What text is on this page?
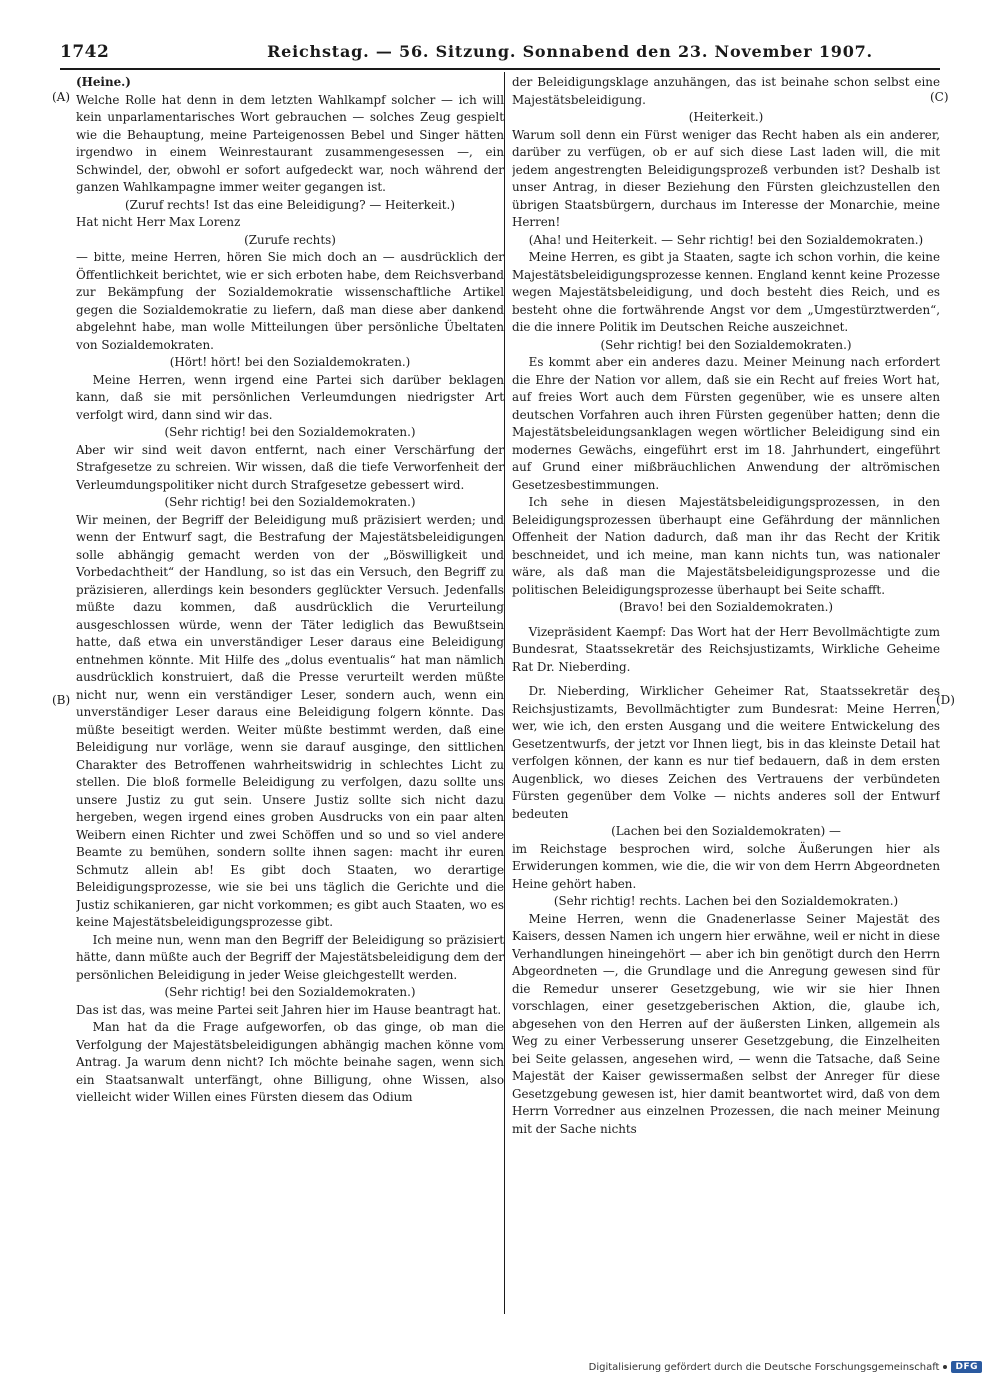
1742	Reichstag. — 56. Sitzung. Sonnabend den 23. November 1907.
(A)
(B)
(C)
(D)

(Heine.)

Welche Rolle hat denn in dem letzten Wahlkampf solcher — ich will kein unparlamentarisches Wort gebrauchen — solches Zeug gespielt wie die Behauptung, meine Parteigenossen Bebel und Singer hätten irgendwo in einem Weinrestaurant zusammengesessen —, ein Schwindel, der, obwohl er sofort aufgedeckt war, noch während der ganzen Wahlkampagne immer weiter gegangen ist.

(Zuruf rechts! Ist das eine Beleidigung? — Heiterkeit.)

Hat nicht Herr Max Lorenz

(Zurufe rechts)

— bitte, meine Herren, hören Sie mich doch an — ausdrücklich der Öffentlichkeit berichtet, wie er sich erboten habe, dem Reichsverband zur Bekämpfung der Sozialdemokratie wissenschaftliche Artikel gegen die Sozialdemokratie zu liefern, daß man diese aber dankend abgelehnt habe, man wolle Mitteilungen über persönliche Übeltaten von Sozialdemokraten.

(Hört! hört! bei den Sozialdemokraten.)

Meine Herren, wenn irgend eine Partei sich darüber beklagen kann, daß sie mit persönlichen Verleumdungen niedrigster Art verfolgt wird, dann sind wir das.

(Sehr richtig! bei den Sozialdemokraten.)

Aber wir sind weit davon entfernt, nach einer Verschärfung der Strafgesetze zu schreien. Wir wissen, daß die tiefe Verworfenheit der Verleumdungspolitiker nicht durch Strafgesetze gebessert wird.

(Sehr richtig! bei den Sozialdemokraten.)

Wir meinen, der Begriff der Beleidigung muß präzisiert werden; und wenn der Entwurf sagt, die Bestrafung der Majestätsbeleidigungen solle abhängig gemacht werden von der „Böswilligkeit und Vorbedachtheit“ der Handlung, so ist das ein Versuch, den Begriff zu präzisieren, allerdings kein besonders geglückter Versuch. Jedenfalls müßte dazu kommen, daß ausdrücklich die Verurteilung ausgeschlossen würde, wenn der Täter lediglich das Bewußtsein hatte, daß etwa ein unverständiger Leser daraus eine Beleidigung entnehmen könnte. Mit Hilfe des „dolus eventualis“ hat man nämlich ausdrücklich konstruiert, daß die Presse verurteilt werden müßte nicht nur, wenn ein verständiger Leser, sondern auch, wenn ein unverständiger Leser daraus eine Beleidigung folgern könnte. Das müßte beseitigt werden. Weiter müßte bestimmt werden, daß eine Beleidigung nur vorläge, wenn sie darauf ausginge, den sittlichen Charakter des Betroffenen wahrheitswidrig in schlechtes Licht zu stellen. Die bloß formelle Beleidigung zu verfolgen, dazu sollte uns unsere Justiz zu gut sein. Unsere Justiz sollte sich nicht dazu hergeben, wegen irgend eines groben Ausdrucks von ein paar alten Weibern einen Richter und zwei Schöffen und so und so viel andere Beamte zu bemühen, sondern sollte ihnen sagen: macht ihr euren Schmutz allein ab! Es gibt doch Staaten, wo derartige Beleidigungsprozesse, wie sie bei uns täglich die Gerichte und die Justiz schikanieren, gar nicht vorkommen; es gibt auch Staaten, wo es keine Majestätsbeleidigungsprozesse gibt.

Ich meine nun, wenn man den Begriff der Beleidigung so präzisiert hätte, dann müßte auch der Begriff der Majestätsbeleidigung dem der persönlichen Beleidigung in jeder Weise gleichgestellt werden.

(Sehr richtig! bei den Sozialdemokraten.)

Das ist das, was meine Partei seit Jahren hier im Hause beantragt hat.

Man hat da die Frage aufgeworfen, ob das ginge, ob man die Verfolgung der Majestätsbeleidigungen abhängig machen könne vom Antrag. Ja warum denn nicht? Ich möchte beinahe sagen, wenn sich ein Staatsanwalt unterfängt, ohne Billigung, ohne Wissen, also vielleicht wider Willen eines Fürsten diesem das Odium

der Beleidigungsklage anzuhängen, das ist beinahe schon selbst eine Majestätsbeleidigung.

(Heiterkeit.)

Warum soll denn ein Fürst weniger das Recht haben als ein anderer, darüber zu verfügen, ob er auf sich diese Last laden will, die mit jedem angestrengten Beleidigungsprozeß verbunden ist? Deshalb ist unser Antrag, in dieser Beziehung den Fürsten gleichzustellen den übrigen Staatsbürgern, durchaus im Interesse der Monarchie, meine Herren!

(Aha! und Heiterkeit. — Sehr richtig! bei den Sozialdemokraten.)

Meine Herren, es gibt ja Staaten, sagte ich schon vorhin, die keine Majestätsbeleidigungsprozesse kennen. England kennt keine Prozesse wegen Majestätsbeleidigung, und doch besteht dies Reich, und es besteht ohne die fortwährende Angst vor dem „Umgestürztwerden“, die die innere Politik im Deutschen Reiche auszeichnet.

(Sehr richtig! bei den Sozialdemokraten.)

Es kommt aber ein anderes dazu. Meiner Meinung nach erfordert die Ehre der Nation vor allem, daß sie ein Recht auf freies Wort hat, auf freies Wort auch dem Fürsten gegenüber, wie es unsere alten deutschen Vorfahren auch ihren Fürsten gegenüber hatten; denn die Majestätsbeleidungsanklagen wegen wörtlicher Beleidigung sind ein modernes Gewächs, eingeführt erst im 18. Jahrhundert, eingeführt auf Grund einer mißbräuchlichen Anwendung der altrömischen Gesetzesbestimmungen.

Ich sehe in diesen Majestätsbeleidigungsprozessen, in den Beleidigungsprozessen überhaupt eine Gefährdung der männlichen Offenheit der Nation dadurch, daß man ihr das Recht der Kritik beschneidet, und ich meine, man kann nichts tun, was nationaler wäre, als daß man die Majestätsbeleidigungsprozesse und die politischen Beleidigungsprozesse überhaupt bei Seite schafft.

(Bravo! bei den Sozialdemokraten.)

Vizepräsident Kaempf: Das Wort hat der Herr Bevollmächtigte zum Bundesrat, Staatssekretär des Reichsjustizamts, Wirkliche Geheime Rat Dr. Nieberding.

Dr. Nieberding, Wirklicher Geheimer Rat, Staatssekretär des Reichsjustizamts, Bevollmächtigter zum Bundesrat: Meine Herren, wer, wie ich, den ersten Ausgang und die weitere Entwickelung des Gesetzentwurfs, der jetzt vor Ihnen liegt, bis in das kleinste Detail hat verfolgen können, der kann es nur tief bedauern, daß in dem ersten Augenblick, wo dieses Zeichen des Vertrauens der verbündeten Fürsten gegenüber dem Volke — nichts anderes soll der Entwurf bedeuten

(Lachen bei den Sozialdemokraten) —

im Reichstage besprochen wird, solche Äußerungen hier als Erwiderungen kommen, wie die, die wir von dem Herrn Abgeordneten Heine gehört haben.

(Sehr richtig! rechts. Lachen bei den Sozialdemokraten.)

Meine Herren, wenn die Gnadenerlasse Seiner Majestät des Kaisers, dessen Namen ich ungern hier erwähne, weil er nicht in diese Verhandlungen hineingehört — aber ich bin genötigt durch den Herrn Abgeordneten —, die Grundlage und die Anregung gewesen sind für die Remedur unserer Gesetzgebung, wie wir sie hier Ihnen vorschlagen, einer gesetzgeberischen Aktion, die, glaube ich, abgesehen von den Herren auf der äußersten Linken, allgemein als Weg zu einer Verbesserung unserer Gesetzgebung, die Einzelheiten bei Seite gelassen, angesehen wird, — wenn die Tatsache, daß Seine Majestät der Kaiser gewissermaßen selbst der Anreger für diese Gesetzgebung gewesen ist, hier damit beantwortet wird, daß von dem Herrn Vorredner aus einzelnen Prozessen, die nach meiner Meinung mit der Sache nichts

Digitalisierung gefördert durch die Deutsche Forschungsgemeinschaft	DFG
